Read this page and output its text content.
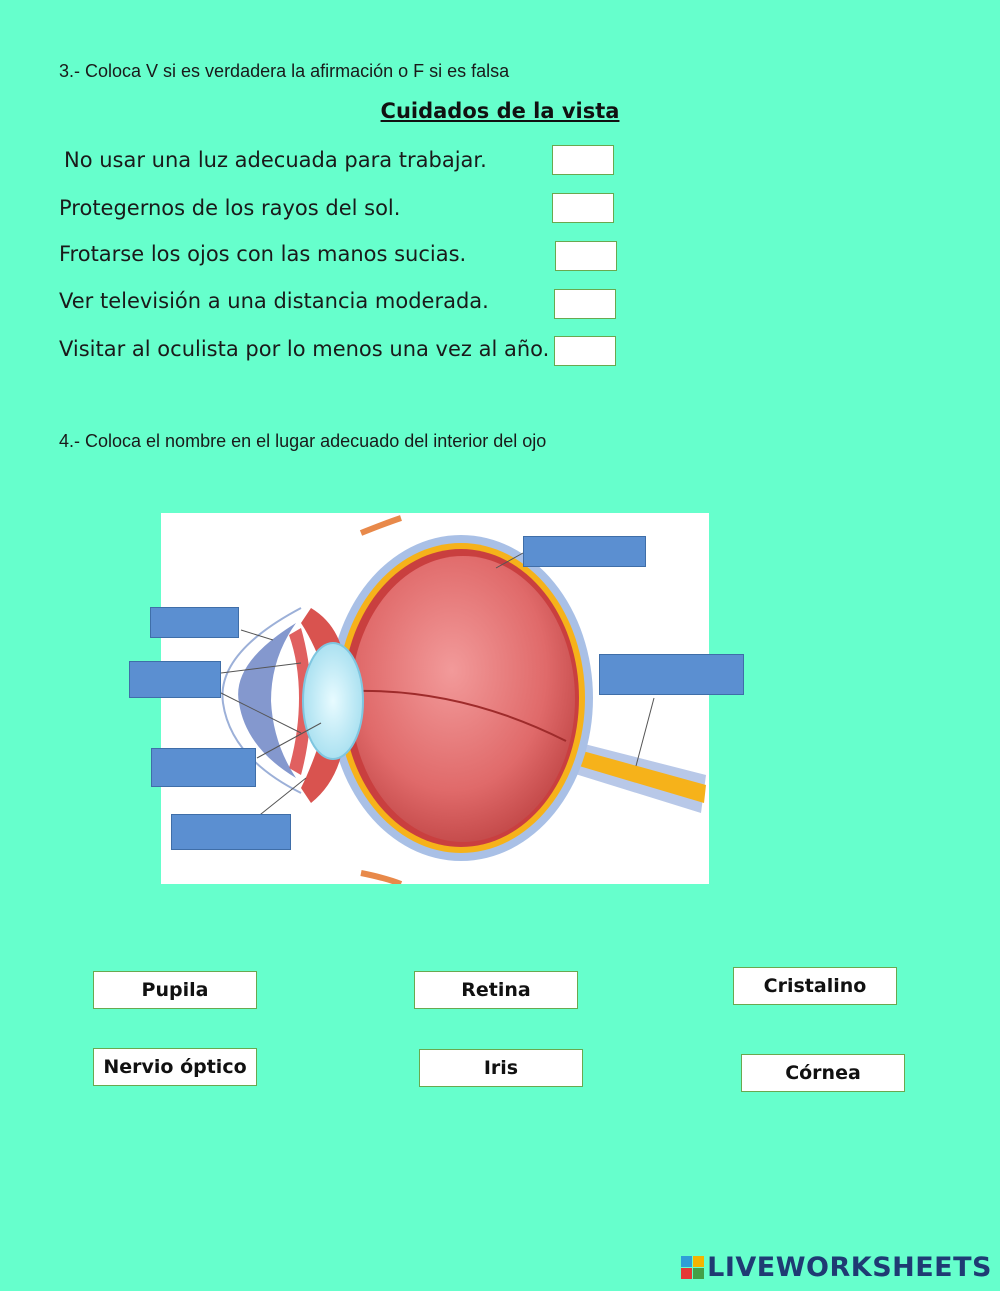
3.- Coloca V si es verdadera la afirmación o F si es falsa
Cuidados de la vista
No usar una luz adecuada para trabajar.
Protegernos de los rayos del sol.
Frotarse los ojos con las manos sucias.
Ver televisión a una distancia moderada.
Visitar al oculista por lo menos una vez al año.
4.- Coloca el nombre en el lugar adecuado del interior del ojo
Pupila	Retina	Cristalino
Nervio óptico	Iris	Córnea
LIVEWORKSHEETS
